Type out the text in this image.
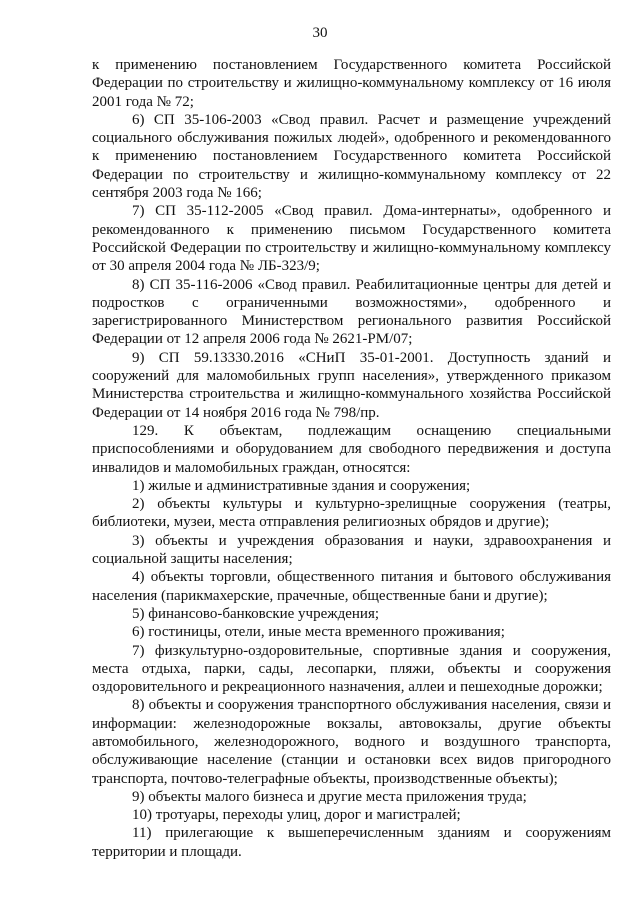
30

к применению постановлением Государственного комитета Российской Федерации по строительству и жилищно-коммунальному комплексу от 16 июля 2001 года № 72;

6) СП 35-106-2003 «Свод правил. Расчет и размещение учреждений социального обслуживания пожилых людей», одобренного и рекомендованного к применению постановлением Государственного комитета Российской Федерации по строительству и жилищно-коммунальному комплексу от 22 сентября 2003 года № 166;

7) СП 35-112-2005 «Свод правил. Дома-интернаты», одобренного и рекомендованного к применению письмом Государственного комитета Российской Федерации по строительству и жилищно-коммунальному комплексу от 30 апреля 2004 года № ЛБ-323/9;

8) СП 35-116-2006 «Свод правил. Реабилитационные центры для детей и подростков с ограниченными возможностями», одобренного и зарегистрированного Министерством регионального развития Российской Федерации от 12 апреля 2006 года № 2621-РМ/07;

9) СП 59.13330.2016 «СНиП 35-01-2001. Доступность зданий и сооружений для маломобильных групп населения», утвержденного приказом Министерства строительства и жилищно-коммунального хозяйства Российской Федерации от 14 ноября 2016 года № 798/пр.

129. К объектам, подлежащим оснащению специальными приспособлениями и оборудованием для свободного передвижения и доступа инвалидов и маломобильных граждан, относятся:

1) жилые и административные здания и сооружения;

2) объекты культуры и культурно-зрелищные сооружения (театры, библиотеки, музеи, места отправления религиозных обрядов и другие);

3) объекты и учреждения образования и науки, здравоохранения и социальной защиты населения;

4) объекты торговли, общественного питания и бытового обслуживания населения (парикмахерские, прачечные, общественные бани и другие);

5) финансово-банковские учреждения;

6) гостиницы, отели, иные места временного проживания;

7) физкультурно-оздоровительные, спортивные здания и сооружения, места отдыха, парки, сады, лесопарки, пляжи, объекты и сооружения оздоровительного и рекреационного назначения, аллеи и пешеходные дорожки;

8) объекты и сооружения транспортного обслуживания населения, связи и информации: железнодорожные вокзалы, автовокзалы, другие объекты автомобильного, железнодорожного, водного и воздушного транспорта, обслуживающие население (станции и остановки всех видов пригородного транспорта, почтово-телеграфные объекты, производственные объекты);

9) объекты малого бизнеса и другие места приложения труда;

10) тротуары, переходы улиц, дорог и магистралей;

11) прилегающие к вышеперечисленным зданиям и сооружениям территории и площади.
